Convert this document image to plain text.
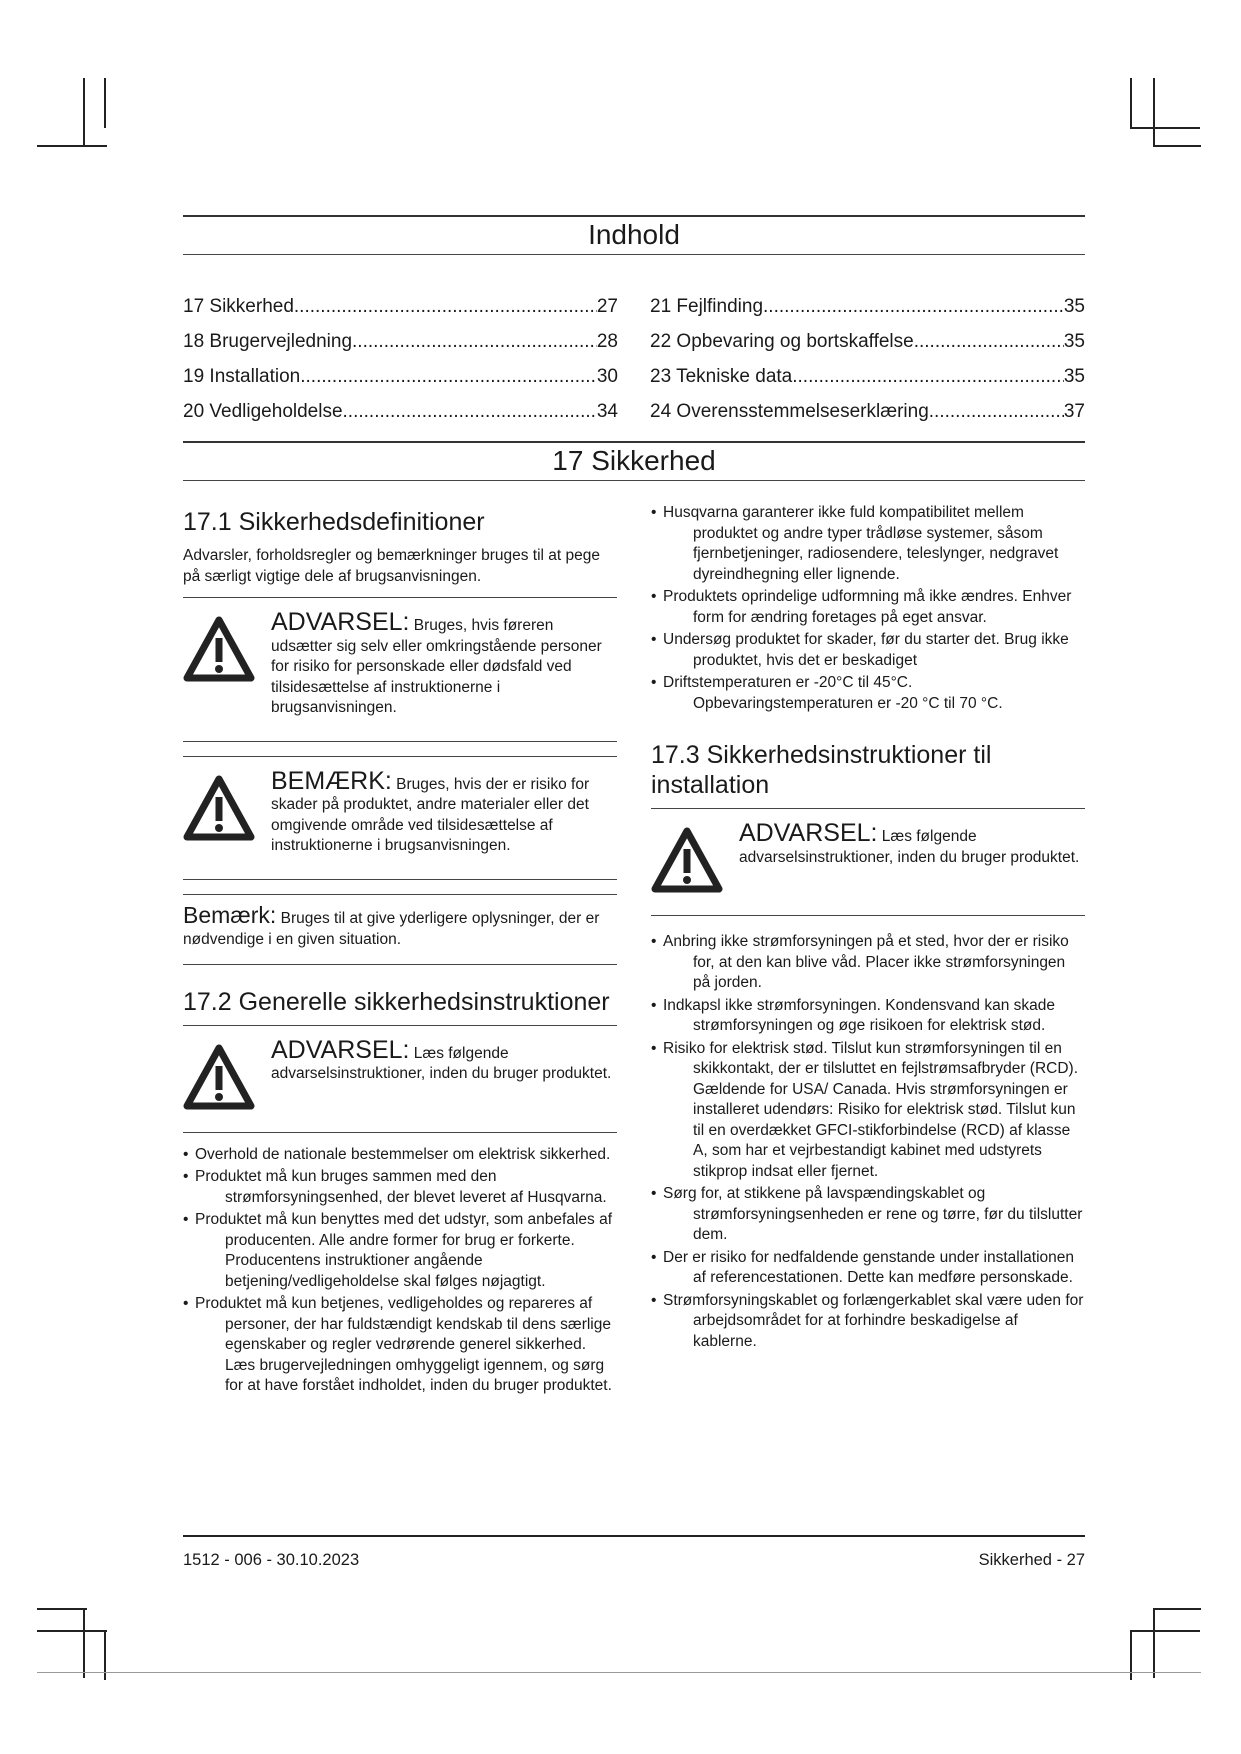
Indhold
17 Sikkerhed .....	27
18 Brugervejledning .....	28
19 Installation .....	30
20 Vedligeholdelse .....	34
21 Fejlfinding .....	35
22 Opbevaring og bortskaffelse .....	35
23 Tekniske data .....	35
24 Overensstemmelseserklæring .....	37
17 Sikkerhed
17.1 Sikkerhedsdefinitioner

Advarsler, forholdsregler og bemærkninger bruges til at pege på særligt vigtige dele af brugsanvisningen.

ADVARSEL: Bruges, hvis føreren udsætter sig selv eller omkringstående personer for risiko for personskade eller dødsfald ved tilsidesættelse af instruktionerne i brugsanvisningen.
BEMÆRK: Bruges, hvis der er risiko for skader på produktet, andre materialer eller det omgivende område ved tilsidesættelse af instruktionerne i brugsanvisningen.
Bemærk: Bruges til at give yderligere oplysninger, der er nødvendige i en given situation.
17.2 Generelle sikkerhedsinstruktioner
ADVARSEL: Læs følgende advarselsinstruktioner, inden du bruger produktet.
• Overhold de nationale bestemmelser om elektrisk sikkerhed.
• Produktet må kun bruges sammen med den strømforsyningsenhed, der blevet leveret af Husqvarna.
• Produktet må kun benyttes med det udstyr, som anbefales af producenten. Alle andre former for brug er forkerte. Producentens instruktioner angående betjening/vedligeholdelse skal følges nøjagtigt.
• Produktet må kun betjenes, vedligeholdes og repareres af personer, der har fuldstændigt kendskab til dens særlige egenskaber og regler vedrørende generel sikkerhed. Læs brugervejledningen omhyggeligt igennem, og sørg for at have forstået indholdet, inden du bruger produktet.
• Husqvarna garanterer ikke fuld kompatibilitet mellem produktet og andre typer trådløse systemer, såsom fjernbetjeninger, radiosendere, teleslynger, nedgravet dyreindhegning eller lignende.
• Produktets oprindelige udformning må ikke ændres. Enhver form for ændring foretages på eget ansvar.
• Undersøg produktet for skader, før du starter det. Brug ikke produktet, hvis det er beskadiget
• Driftstemperaturen er -20°C til 45°C. Opbevaringstemperaturen er -20 °C til 70 °C.
17.3 Sikkerhedsinstruktioner til installation
ADVARSEL: Læs følgende advarselsinstruktioner, inden du bruger produktet.
• Anbring ikke strømforsyningen på et sted, hvor der er risiko for, at den kan blive våd. Placer ikke strømforsyningen på jorden.
• Indkapsl ikke strømforsyningen. Kondensvand kan skade strømforsyningen og øge risikoen for elektrisk stød.
• Risiko for elektrisk stød. Tilslut kun strømforsyningen til en skikkontakt, der er tilsluttet en fejlstrømsafbryder (RCD). Gældende for USA/ Canada. Hvis strømforsyningen er installeret udendørs: Risiko for elektrisk stød. Tilslut kun til en overdækket GFCI-stikforbindelse (RCD) af klasse A, som har et vejrbestandigt kabinet med udstyrets stikprop indsat eller fjernet.
• Sørg for, at stikkene på lavspændingskablet og strømforsyningsenheden er rene og tørre, før du tilslutter dem.
• Der er risiko for nedfaldende genstande under installationen af referencestationen. Dette kan medføre personskade.
• Strømforsyningskablet og forlængerkablet skal være uden for arbejdsområdet for at forhindre beskadigelse af kablerne.
1512 - 006 - 30.10.2023	Sikkerhed - 27
